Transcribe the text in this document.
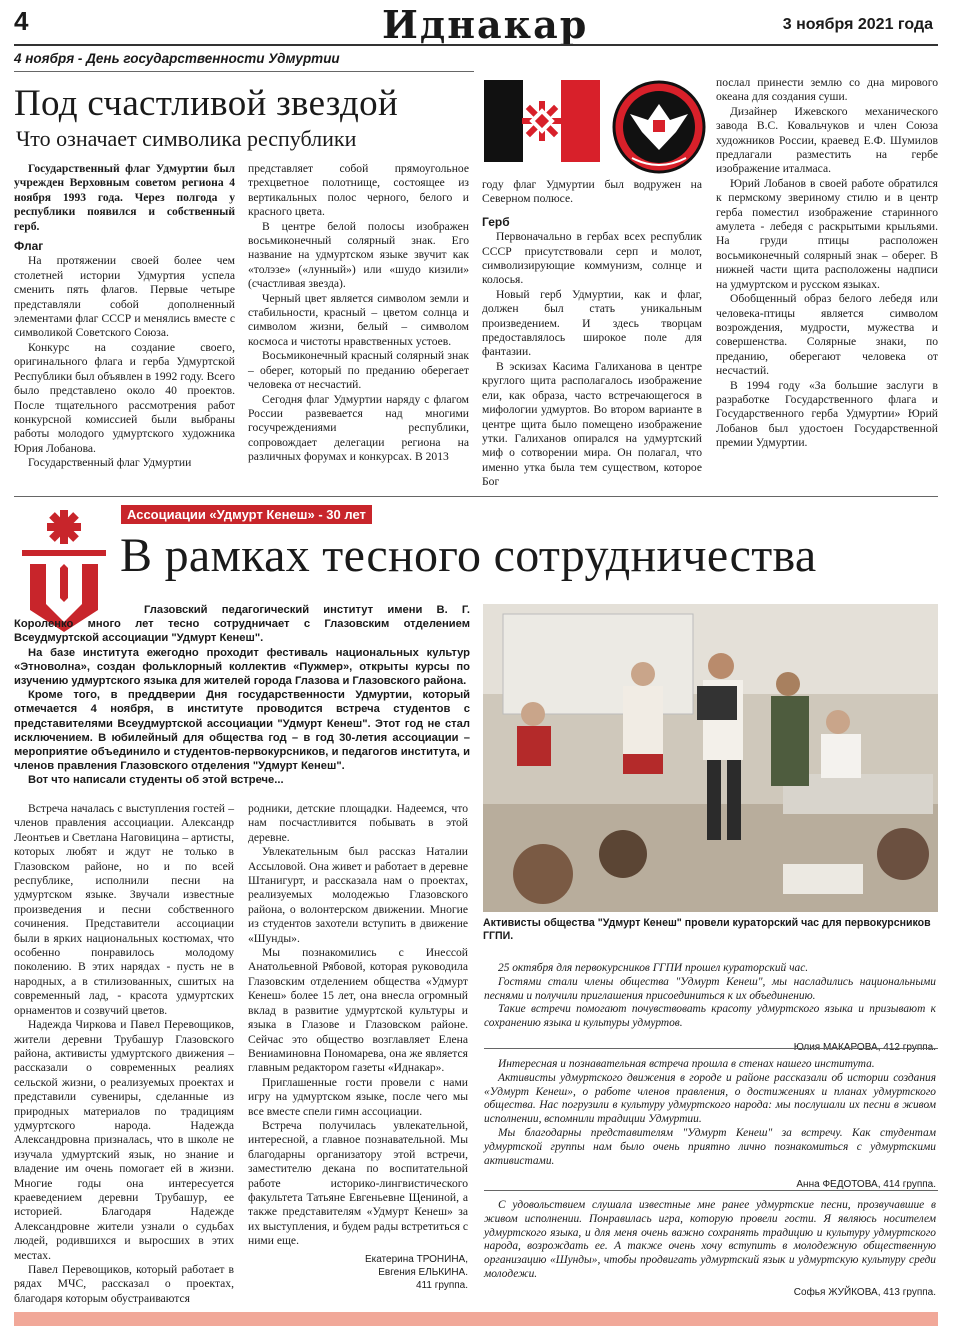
4	Иднакар	3 ноября 2021 года
4 ноября - День государственности Удмуртии
Под счастливой звездой
Что означает символика республики

Государственный флаг Удмуртии был учрежден Верховным советом региона 4 ноября 1993 года. Через полгода у республики появился и собственный герб.

Флаг

На протяжении своей более чем столетней истории Удмуртия успела сменить пять флагов. Первые четыре представляли собой дополненный элементами флаг СССР и менялись вместе с символикой Советского Союза.

Конкурс на создание своего, оригинального флага и герба Удмуртской Республики был объявлен в 1992 году. Всего было представлено около 40 проектов. После тщательного рассмотрения работ конкурсной комиссией были выбраны работы молодого удмуртского художника Юрия Лобанова.

Государственный флаг Удмуртии

представляет собой прямоугольное трехцветное полотнище, состоящее из вертикальных полос черного, белого и красного цвета.

В центре белой полосы изображен восьмиконечный солярный знак. Его название на удмуртском языке звучит как «толэзе» («лунный») или «шудо кизили» (счастливая звезда).

Черный цвет является символом земли и стабильности, красный – цветом солнца и символом жизни, белый – символом космоса и чистоты нравственных устоев.

Восьмиконечный красный солярный знак – оберег, который по преданию оберегает человека от несчастий.

Сегодня флаг Удмуртии наряду с флагом России развевается над многими госучреждениями республики, сопровождает делегации региона на различных форумах и конкурсах. В 2013

году флаг Удмуртии был водружен на Северном полюсе.

Герб

Первоначально в гербах всех республик СССР присутствовали серп и молот, символизирующие коммунизм, солнце и колосья.

Новый герб Удмуртии, как и флаг, должен был стать уникальным произведением. И здесь творцам предоставлялось широкое поле для фантазии.

В эскизах Касима Галиханова в центре круглого щита располагалось изображение ели, как образа, часто встречающегося в мифологии удмуртов. Во втором варианте в центре щита было помещено изображение утки. Галиханов опирался на удмуртский миф о сотворении мира. Он полагал, что именно утка была тем существом, которое Бог

послал принести землю со дна мирового океана для создания суши.

Дизайнер Ижевского механического завода В.С. Ковальчуков и член Союза художников России, краевед Е.Ф. Шумилов предлагали разместить на гербе изображение италмаса.

Юрий Лобанов в своей работе обратился к пермскому звериному стилю и в центр герба поместил изображение старинного амулета - лебедя с раскрытыми крыльями. На груди птицы расположен восьмиконечный солярный знак – оберег. В нижней части щита расположены надписи на удмуртском и русском языках.

Обобщенный образ белого лебедя или человека-птицы является символом возрождения, мудрости, мужества и совершенства. Солярные знаки, по преданию, оберегают человека от несчастий.

В 1994 году «За большие заслуги в разработке Государственного флага и Государственного герба Удмуртии» Юрий Лобанов был удостоен Государственной премии Удмуртии.

Ассоциации «Удмурт Кенеш» - 30 лет
В рамках тесного сотрудничества

Глазовский педагогический институт имени В. Г. Короленко много лет тесно сотрудничает с Глазовским отделением Всеудмуртской ассоциации "Удмурт Кенеш".

На базе института ежегодно проходит фестиваль национальных культур «Этноволна», создан фольклорный коллектив «Пужмер», открыты курсы по изучению удмуртского языка для жителей города Глазова и Глазовского района.

Кроме того, в преддверии Дня государственности Удмуртии, который отмечается 4 ноября, в институте проводится встреча студентов с представителями Всеудмуртской ассоциации "Удмурт Кенеш". Этот год не стал исключением. В юбилейный для общества год – в год 30-летия ассоциации – мероприятие объединило и студентов-первокурсников, и педагогов института, и членов правления Глазовского отделения "Удмурт Кенеш".

Вот что написали студенты об этой встрече...

Активисты общества "Удмурт Кенеш" провели кураторский час для первокурсников ГГПИ.

Встреча началась с выступления гостей – членов правления ассоциации. Александр Леонтьев и Светлана Наговицина – артисты, которых любят и ждут не только в Глазовском районе, но и по всей республике, исполнили песни на удмуртском языке. Звучали известные произведения и песни собственного сочинения. Представители ассоциации были в ярких национальных костюмах, что особенно понравилось молодому поколению. В этих нарядах - пусть не в народных, а в стилизованных, сшитых на современный лад, - красота удмуртских орнаментов и созвучий цветов.

Надежда Чиркова и Павел Перевощиков, жители деревни Трубашур Глазовского района, активисты удмуртского движения – рассказали о современных реалиях сельской жизни, о реализуемых проектах и представили сувениры, сделанные из природных материалов по традициям удмуртского народа. Надежда Александровна призналась, что в школе не изучала удмуртский язык, но знание и владение им очень помогает ей в жизни. Многие годы она интересуется краеведением деревни Трубашур, ее историей. Благодаря Надежде Александровне жители узнали о судьбах людей, родившихся и выросших в этих местах.

Павел Перевощиков, который работает в рядах МЧС, рассказал о проектах, благодаря которым обустраиваются

родники, детские площадки. Надеемся, что нам посчастливится побывать в этой деревне.

Увлекательным был рассказ Наталии Ассыловой. Она живет и работает в деревне Штанигурт, и рассказала нам о проектах, реализуемых молодежью Глазовского района, о волонтерском движении. Многие из студентов захотели вступить в движение «Шунды».

Мы познакомились с Инессой Анатольевной Рябовой, которая руководила Глазовским отделением общества «Удмурт Кенеш» более 15 лет, она внесла огромный вклад в развитие удмуртской культуры и языка в Глазове и Глазовском районе. Сейчас это общество возглавляет Елена Вениаминовна Пономарева, она же является главным редактором газеты «Иднакар».

Приглашенные гости провели с нами игру на удмуртском языке, после чего мы все вместе спели гимн ассоциации.

Встреча получилась увлекательной, интересной, а главное познавательной. Мы благодарны организатору этой встречи, заместителю декана по воспитательной работе историко-лингвистического факультета Татьяне Евгеньевне Щениной, а также представителям «Удмурт Кенеш» за их выступления, и будем рады встретиться с ними еще.

Екатерина ТРОНИНА,
Евгения ЕЛЬКИНА.
411 группа.

25 октября для первокурсников ГГПИ прошел кураторский час.

Гостями стали члены общества "Удмурт Кенеш", мы насладились национальными песнями и получили приглашения присоединиться к их объединению.

Такие встречи помогают почувствовать красоту удмуртского языка и призывают к сохранению языка и культуры удмуртов.

Юлия МАКАРОВА, 412 группа.

Интересная и познавательная встреча прошла в стенах нашего института.

Активисты удмуртского движения в городе и районе рассказали об истории создания «Удмурт Кенеш», о работе членов правления, о достижениях и планах удмуртского общества. Нас погрузили в культуру удмуртского народа: мы послушали их песни в живом исполнении, вспомнили традиции Удмуртии.

Мы благодарны представителям "Удмурт Кенеш" за встречу. Как студентам удмуртской группы нам было очень приятно лично познакомиться с удмуртскими активистами.

Анна ФЕДОТОВА, 414 группа.

С удовольствием слушала известные мне ранее удмуртские песни, прозвучавшие в живом исполнении. Понравилась игра, которую провели гости. Я являюсь носителем удмуртского языка, и для меня очень важно сохранять традицию и культуру удмуртского народа, возрождать ее. А также очень хочу вступить в молодежную общественную организацию «Шунды», чтобы продвигать удмуртский язык и удмуртскую культуру среди молодежи.

Софья ЖУЙКОВА, 413 группа.
